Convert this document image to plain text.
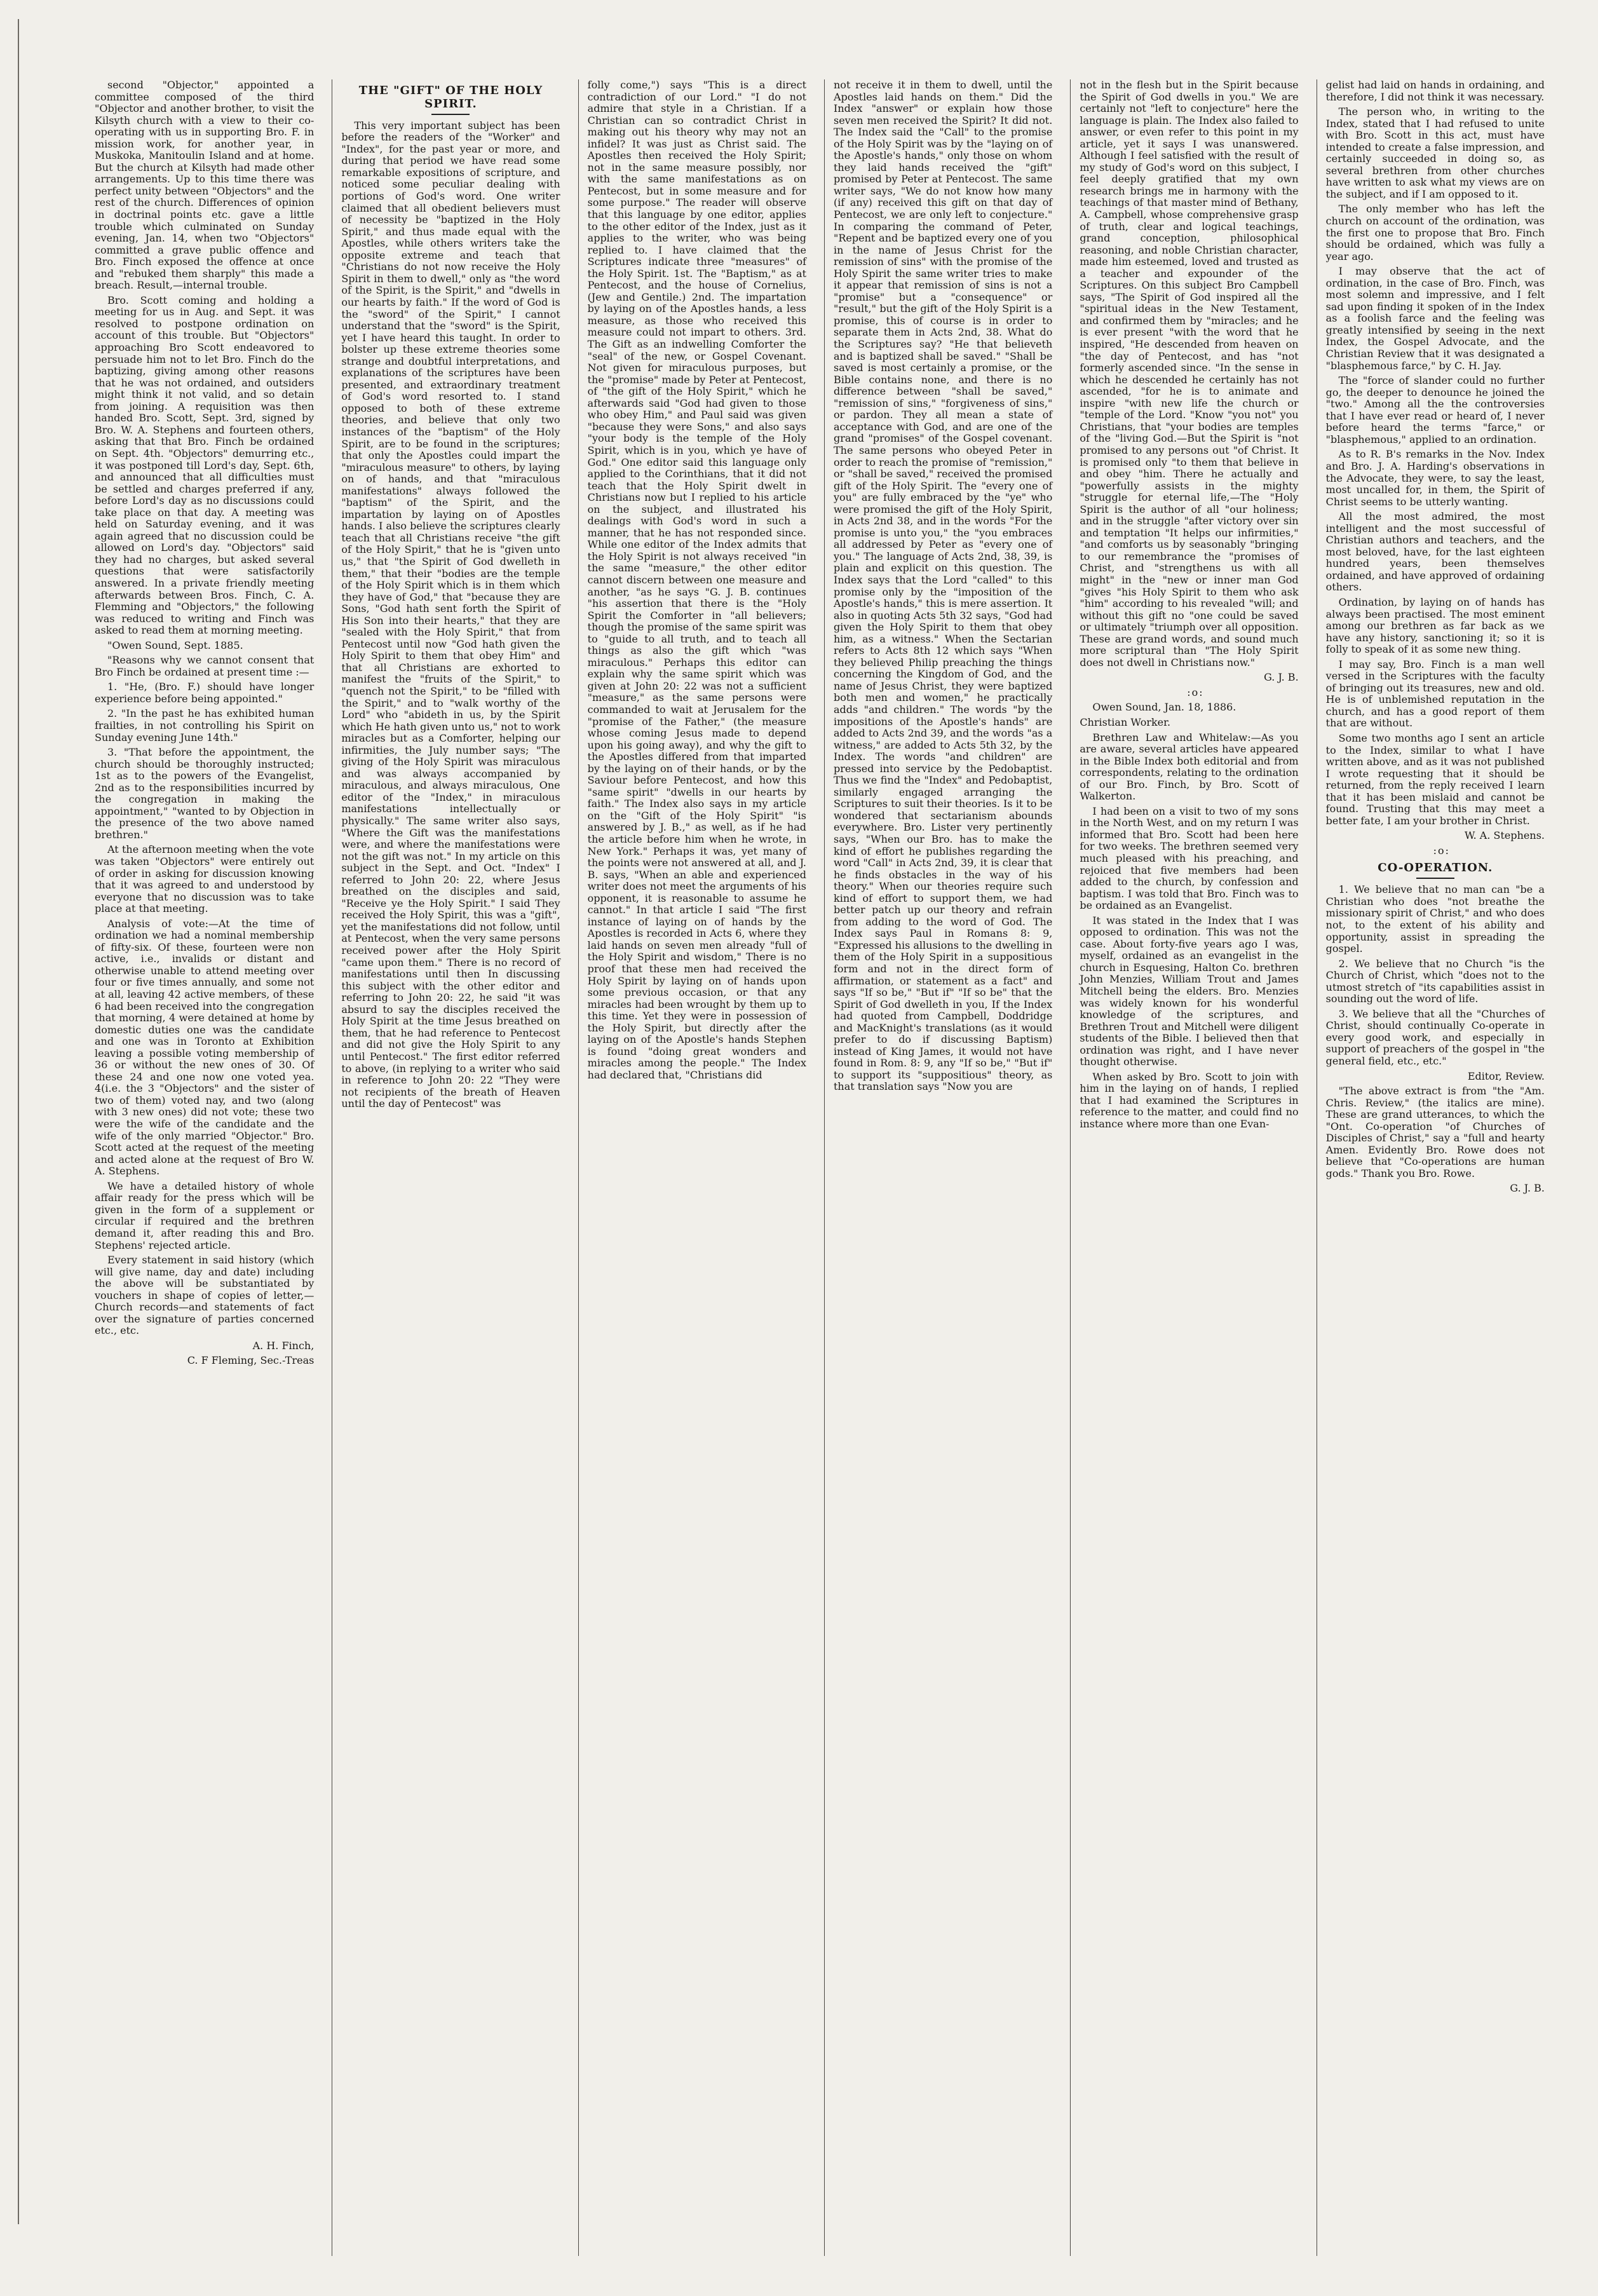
second "Objector," appointed a committee composed of the third "Objector and another brother, to visit the Kilsyth church with a view to their co-operating with us in supporting Bro. F. in mission work, for another year, in Muskoka, Manitoulin Island and at home. But the church at Kilsyth had made other arrangements. Up to this time there was perfect unity between "Objectors" and the rest of the church. Differences of opinion in doctrinal points etc. gave a little trouble which culminated on Sunday evening, Jan. 14, when two "Objectors" committed a grave public offence and Bro. Finch exposed the offence at once and "rebuked them sharply" this made a breach. Result,—internal trouble.

Bro. Scott coming and holding a meeting for us in Aug. and Sept. it was resolved to postpone ordination on account of this trouble. But "Objectors" approaching Bro Scott endeavored to persuade him not to let Bro. Finch do the baptizing, giving among other reasons that he was not ordained, and outsiders might think it not valid, and so detain from joining. A requisition was then handed Bro. Scott, Sept. 3rd, signed by Bro. W. A. Stephens and fourteen others, asking that that Bro. Finch be ordained on Sept. 4th. "Objectors" demurring etc., it was postponed till Lord's day, Sept. 6th, and announced that all difficulties must be settled and charges preferred if any, before Lord's day as no discussions could take place on that day. A meeting was held on Saturday evening, and it was again agreed that no discussion could be allowed on Lord's day. "Objectors" said they had no charges, but asked several questions that were satisfactorily answered. In a private friendly meeting afterwards between Bros. Finch, C. A. Flemming and "Objectors," the following was reduced to writing and Finch was asked to read them at morning meeting.

"Owen Sound, Sept. 1885.

"Reasons why we cannot consent that Bro Finch be ordained at present time :—

1. "He, (Bro. F.) should have longer experience before being appointed."

2. "In the past he has exhibited human frailties, in not controlling his Spirit on Sunday evening June 14th."

3. "That before the appointment, the church should be thoroughly instructed; 1st as to the powers of the Evangelist, 2nd as to the responsibilities incurred by the congregation in making the appointment," "wanted to by Objection in the presence of the two above named brethren."

At the afternoon meeting when the vote was taken "Objectors" were entirely out of order in asking for discussion knowing that it was agreed to and understood by everyone that no discussion was to take place at that meeting.

Analysis of vote:—At the time of ordination we had a nominal membership of fifty-six. Of these, fourteen were non active, i.e., invalids or distant and otherwise unable to attend meeting over four or five times annually, and some not at all, leaving 42 active members, of these 6 had been received into the congregation that morning, 4 were detained at home by domestic duties one was the candidate and one was in Toronto at Exhibition leaving a possible voting membership of 36 or without the new ones of 30. Of these 24 and one now one voted yea. 4(i.e. the 3 "Objectors" and the sister of two of them) voted nay, and two (along with 3 new ones) did not vote; these two were the wife of the candidate and the wife of the only married "Objector." Bro. Scott acted at the request of the meeting and acted alone at the request of Bro W. A. Stephens.

We have a detailed history of whole affair ready for the press which will be given in the form of a supplement or circular if required and the brethren demand it, after reading this and Bro. Stephens' rejected article.

Every statement in said history (which will give name, day and date) including the above will be substantiated by vouchers in shape of copies of letter,—Church records—and statements of fact over the signature of parties concerned etc., etc.

A. H. Finch,

C. F Fleming, Sec.-Treas

THE "GIFT" OF THE HOLY SPIRIT.

This very important subject has been before the readers of the "Worker" and "Index", for the past year or more, and during that period we have read some remarkable expositions of scripture, and noticed some peculiar dealing with portions of God's word. One writer claimed that all obedient believers must of necessity be "baptized in the Holy Spirit," and thus made equal with the Apostles, while others writers take the opposite extreme and teach that "Christians do not now receive the Holy Spirit in them to dwell," only as "the word of the Spirit, is the Spirit," and "dwells in our hearts by faith." If the word of God is the "sword" of the Spirit," I cannot understand that the "sword" is the Spirit, yet I have heard this taught. In order to bolster up these extreme theories some strange and doubtful interpretations, and explanations of the scriptures have been presented, and extraordinary treatment of God's word resorted to. I stand opposed to both of these extreme theories, and believe that only two instances of the "baptism" of the Holy Spirit, are to be found in the scriptures; that only the Apostles could impart the "miraculous measure" to others, by laying on of hands, and that "miraculous manifestations" always followed the "baptism" of the Spirit, and the impartation by laying on of Apostles hands. I also believe the scriptures clearly teach that all Christians receive "the gift of the Holy Spirit," that he is "given unto us," that "the Spirit of God dwelleth in them," that their "bodies are the temple of the Holy Spirit which is in them which they have of God," that "because they are Sons, "God hath sent forth the Spirit of His Son into their hearts," that they are "sealed with the Holy Spirit," that from Pentecost until now "God hath given the Holy Spirit to them that obey Him" and that all Christians are exhorted to manifest the "fruits of the Spirit," to "quench not the Spirit," to be "filled with the Spirit," and to "walk worthy of the Lord" who "abideth in us, by the Spirit which He hath given unto us," not to work miracles but as a Comforter, helping our infirmities, the July number says; "The giving of the Holy Spirit was miraculous and was always accompanied by miraculous, and always miraculous, One editor of the "Index," in miraculous manifestations intellectually or physically." The same writer also says, "Where the Gift was the manifestations were, and where the manifestations were not the gift was not." In my article on this subject in the Sept. and Oct. "Index" I referred to John 20: 22, where Jesus breathed on the disciples and said, "Receive ye the Holy Spirit." I said They received the Holy Spirit, this was a "gift", yet the manifestations did not follow, until at Pentecost, when the very same persons received power after the Holy Spirit "came upon them." There is no record of manifestations until then In discussing this subject with the other editor and referring to John 20: 22, he said "it was absurd to say the disciples received the Holy Spirit at the time Jesus breathed on them, that he had reference to Pentecost and did not give the Holy Spirit to any until Pentecost." The first editor referred to above, (in replying to a writer who said in reference to John 20: 22 "They were not recipients of the breath of Heaven until the day of Pentecost" was

folly come,") says "This is a direct contradiction of our Lord." "I do not admire that style in a Christian. If a Christian can so contradict Christ in making out his theory why may not an infidel? It was just as Christ said. The Apostles then received the Holy Spirit; not in the same measure possibly, nor with the same manifestations as on Pentecost, but in some measure and for some purpose." The reader will observe that this language by one editor, applies to the other editor of the Index, just as it applies to the writer, who was being replied to. I have claimed that the Scriptures indicate three "measures" of the Holy Spirit. 1st. The "Baptism," as at Pentecost, and the house of Cornelius, (Jew and Gentile.) 2nd. The impartation by laying on of the Apostles hands, a less measure, as those who received this measure could not impart to others. 3rd. The Gift as an indwelling Comforter the "seal" of the new, or Gospel Covenant. Not given for miraculous purposes, but the "promise" made by Peter at Pentecost, of "the gift of the Holy Spirit," which he afterwards said "God had given to those who obey Him," and Paul said was given "because they were Sons," and also says "your body is the temple of the Holy Spirit, which is in you, which ye have of God." One editor said this language only applied to the Corinthians, that it did not teach that the Holy Spirit dwelt in Christians now but I replied to his article on the subject, and illustrated his dealings with God's word in such a manner, that he has not responded since. While one editor of the Index admits that the Holy Spirit is not always received "in the same "measure," the other editor cannot discern between one measure and another, "as he says "G. J. B. continues "his assertion that there is the "Holy Spirit the Comforter in "all believers; though the promise of the same spirit was to "guide to all truth, and to teach all things as also the gift which "was miraculous." Perhaps this editor can explain why the same spirit which was given at John 20: 22 was not a sufficient "measure," as the same persons were commanded to wait at Jerusalem for the "promise of the Father," (the measure whose coming Jesus made to depend upon his going away), and why the gift to the Apostles differed from that imparted by the laying on of their hands, or by the Saviour before Pentecost, and how this "same spirit" "dwells in our hearts by faith." The Index also says in my article on the "Gift of the Holy Spirit" "is answered by J. B.," as well, as if he had the article before him when he wrote, in New York." Perhaps it was, yet many of the points were not answered at all, and J. B. says, "When an able and experienced writer does not meet the arguments of his opponent, it is reasonable to assume he cannot." In that article I said "The first instance of laying on of hands by the Apostles is recorded in Acts 6, where they laid hands on seven men already "full of the Holy Spirit and wisdom," There is no proof that these men had received the Holy Spirit by laying on of hands upon some previous occasion, or that any miracles had been wrought by them up to this time. Yet they were in possession of the Holy Spirit, but directly after the laying on of the Apostle's hands Stephen is found "doing great wonders and miracles among the people." The Index had declared that, "Christians did

not receive it in them to dwell, until the Apostles laid hands on them." Did the Index "answer" or explain how those seven men received the Spirit? It did not. The Index said the "Call" to the promise of the Holy Spirit was by the "laying on of the Apostle's hands," only those on whom they laid hands received the "gift" promised by Peter at Pentecost. The same writer says, "We do not know how many (if any) received this gift on that day of Pentecost, we are only left to conjecture." In comparing the command of Peter, "Repent and be baptized every one of you in the name of Jesus Christ for the remission of sins" with the promise of the Holy Spirit the same writer tries to make it appear that remission of sins is not a "promise" but a "consequence" or "result," but the gift of the Holy Spirit is a promise, this of course is in order to separate them in Acts 2nd, 38. What do the Scriptures say? "He that believeth and is baptized shall be saved." "Shall be saved is most certainly a promise, or the Bible contains none, and there is no difference between "shall be saved," "remission of sins," "forgiveness of sins," or pardon. They all mean a state of acceptance with God, and are one of the grand "promises" of the Gospel covenant. The same persons who obeyed Peter in order to reach the promise of "remission," or "shall be saved," received the promised gift of the Holy Spirit. The "every one of you" are fully embraced by the "ye" who were promised the gift of the Holy Spirit, in Acts 2nd 38, and in the words "For the promise is unto you," the "you embraces all addressed by Peter as "every one of you." The language of Acts 2nd, 38, 39, is plain and explicit on this question. The Index says that the Lord "called" to this promise only by the "imposition of the Apostle's hands," this is mere assertion. It also in quoting Acts 5th 32 says, "God had given the Holy Spirit to them that obey him, as a witness." When the Sectarian refers to Acts 8th 12 which says "When they believed Philip preaching the things concerning the Kingdom of God, and the name of Jesus Christ, they were baptized both men and women," he practically adds "and children." The words "by the impositions of the Apostle's hands" are added to Acts 2nd 39, and the words "as a witness," are added to Acts 5th 32, by the Index. The words "and children" are pressed into service by the Pedobaptist. Thus we find the "Index" and Pedobaptist, similarly engaged arranging the Scriptures to suit their theories. Is it to be wondered that sectarianism abounds everywhere. Bro. Lister very pertinently says, "When our Bro. has to make the kind of effort he publishes regarding the word "Call" in Acts 2nd, 39, it is clear that he finds obstacles in the way of his theory." When our theories require such kind of effort to support them, we had better patch up our theory and refrain from adding to the word of God. The Index says Paul in Romans 8: 9, "Expressed his allusions to the dwelling in them of the Holy Spirit in a suppositious form and not in the direct form of affirmation, or statement as a fact" and says "If so be," "But if" "If so be" that the Spirit of God dwelleth in you, If the Index had quoted from Campbell, Doddridge and MacKnight's translations (as it would prefer to do if discussing Baptism) instead of King James, it would not have found in Rom. 8: 9, any "If so be," "But if" to support its "suppositious" theory, as that translation says "Now you are

not in the flesh but in the Spirit because the Spirit of God dwells in you." We are certainly not "left to conjecture" here the language is plain. The Index also failed to answer, or even refer to this point in my article, yet it says I was unanswered. Although I feel satisfied with the result of my study of God's word on this subject, I feel deeply gratified that my own research brings me in harmony with the teachings of that master mind of Bethany, A. Campbell, whose comprehensive grasp of truth, clear and logical teachings, grand conception, philosophical reasoning, and noble Christian character, made him esteemed, loved and trusted as a teacher and expounder of the Scriptures. On this subject Bro Campbell says, "The Spirit of God inspired all the "spiritual ideas in the New Testament, and confirmed them by "miracles; and he is ever present "with the word that he inspired, "He descended from heaven on "the day of Pentecost, and has "not formerly ascended since. "In the sense in which he descended he certainly has not ascended, "for he is to animate and inspire "with new life the church or "temple of the Lord. "Know "you not" you Christians, that "your bodies are temples of the "living God.—But the Spirit is "not promised to any persons out "of Christ. It is promised only "to them that believe in and obey "him. There he actually and "powerfully assists in the mighty "struggle for eternal life,—The "Holy Spirit is the author of all "our holiness; and in the struggle "after victory over sin and temptation "It helps our infirmities," "and comforts us by seasonably "bringing to our remembrance the "promises of Christ, and "strengthens us with all might" in the "new or inner man God "gives "his Holy Spirit to them who ask "him" according to his revealed "will; and without this gift no "one could be saved or ultimately "triumph over all opposition. These are grand words, and sound much more scriptural than "The Holy Spirit does not dwell in Christians now."

G. J. B.

:o:

Owen Sound, Jan. 18, 1886.

Christian Worker.

Brethren Law and Whitelaw:—As you are aware, several articles have appeared in the Bible Index both editorial and from correspondents, relating to the ordination of our Bro. Finch, by Bro. Scott of Walkerton.

I had been on a visit to two of my sons in the North West, and on my return I was informed that Bro. Scott had been here for two weeks. The brethren seemed very much pleased with his preaching, and rejoiced that five members had been added to the church, by confession and baptism. I was told that Bro. Finch was to be ordained as an Evangelist.

It was stated in the Index that I was opposed to ordination. This was not the case. About forty-five years ago I was, myself, ordained as an evangelist in the church in Esquesing, Halton Co. brethren John Menzies, William Trout and James Mitchell being the elders. Bro. Menzies was widely known for his wonderful knowledge of the scriptures, and Brethren Trout and Mitchell were diligent students of the Bible. I believed then that ordination was right, and I have never thought otherwise.

When asked by Bro. Scott to join with him in the laying on of hands, I replied that I had examined the Scriptures in reference to the matter, and could find no instance where more than one Evan-

gelist had laid on hands in ordaining, and therefore, I did not think it was necessary.

The person who, in writing to the Index, stated that I had refused to unite with Bro. Scott in this act, must have intended to create a false impression, and certainly succeeded in doing so, as several brethren from other churches have written to ask what my views are on the subject, and if I am opposed to it.

The only member who has left the church on account of the ordination, was the first one to propose that Bro. Finch should be ordained, which was fully a year ago.

I may observe that the act of ordination, in the case of Bro. Finch, was most solemn and impressive, and I felt sad upon finding it spoken of in the Index as a foolish farce and the feeling was greatly intensified by seeing in the next Index, the Gospel Advocate, and the Christian Review that it was designated a "blasphemous farce," by C. H. Jay.

The "force of slander could no further go, the deeper to denounce he joined the "two." Among all the the controversies that I have ever read or heard of, I never before heard the terms "farce," or "blasphemous," applied to an ordination.

As to R. B's remarks in the Nov. Index and Bro. J. A. Harding's observations in the Advocate, they were, to say the least, most uncalled for, in them, the Spirit of Christ seems to be utterly wanting.

All the most admired, the most intelligent and the most successful of Christian authors and teachers, and the most beloved, have, for the last eighteen hundred years, been themselves ordained, and have approved of ordaining others.

Ordination, by laying on of hands has always been practised. The most eminent among our brethren as far back as we have any history, sanctioning it; so it is folly to speak of it as some new thing.

I may say, Bro. Finch is a man well versed in the Scriptures with the faculty of bringing out its treasures, new and old. He is of unblemished reputation in the church, and has a good report of them that are without.

Some two months ago I sent an article to the Index, similar to what I have written above, and as it was not published I wrote requesting that it should be returned, from the reply received I learn that it has been mislaid and cannot be found. Trusting that this may meet a better fate, I am your brother in Christ.

W. A. Stephens.

:o:

CO-OPERATION.

1. We believe that no man can "be a Christian who does "not breathe the missionary spirit of Christ," and who does not, to the extent of his ability and opportunity, assist in spreading the gospel.

2. We believe that no Church "is the Church of Christ, which "does not to the utmost stretch of "its capabilities assist in sounding out the word of life.

3. We believe that all the "Churches of Christ, should continually Co-operate in every good work, and especially in support of preachers of the gospel in "the general field, etc., etc."

Editor, Review.

"The above extract is from "the "Am. Chris. Review," (the italics are mine). These are grand utterances, to which the "Ont. Co-operation "of Churches of Disciples of Christ," say a "full and hearty Amen. Evidently Bro. Rowe does not believe that "Co-operations are human gods." Thank you Bro. Rowe.

G. J. B.
